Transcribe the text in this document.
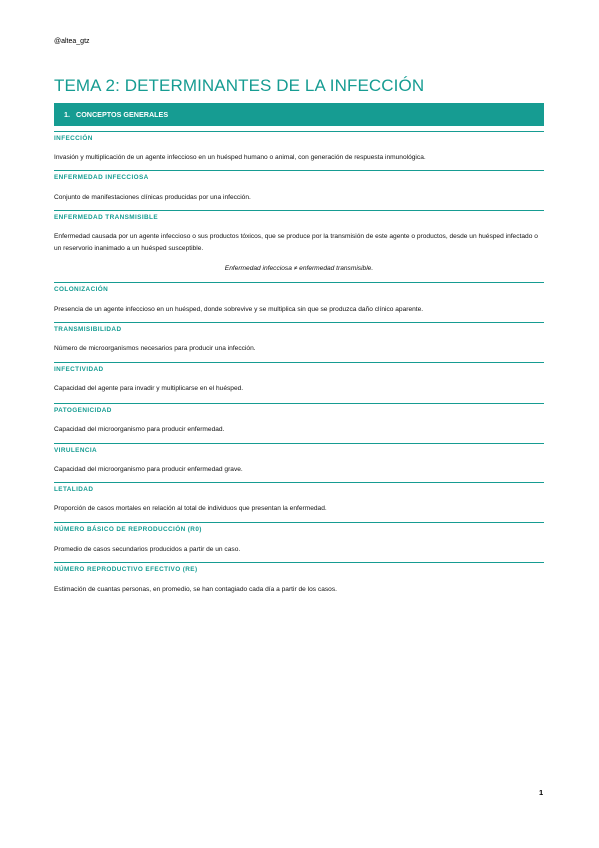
@altea_gtz
TEMA 2: DETERMINANTES DE LA INFECCIÓN
1. CONCEPTOS GENERALES
INFECCIÓN
Invasión y multiplicación de un agente infeccioso en un huésped humano o animal, con generación de respuesta inmunológica.
ENFERMEDAD INFECCIOSA
Conjunto de manifestaciones clínicas producidas por una infección.
ENFERMEDAD TRANSMISIBLE
Enfermedad causada por un agente infeccioso o sus productos tóxicos, que se produce por la transmisión de este agente o productos, desde un huésped infectado o un reservorio inanimado a un huésped susceptible.
Enfermedad infecciosa ≠ enfermedad transmisible.
COLONIZACIÓN
Presencia de un agente infeccioso en un huésped, donde sobrevive y se multiplica sin que se produzca daño clínico aparente.
TRANSMISIBILIDAD
Número de microorganismos necesarios para producir una infección.
INFECTIVIDAD
Capacidad del agente para invadir y multiplicarse en el huésped.
PATOGENICIDAD
Capacidad del microorganismo para producir enfermedad.
VIRULENCIA
Capacidad del microorganismo para producir enfermedad grave.
LETALIDAD
Proporción de casos mortales en relación al total de individuos que presentan la enfermedad.
NÚMERO BÁSICO DE REPRODUCCIÓN (R0)
Promedio de casos secundarios producidos a partir de un caso.
NÚMERO REPRODUCTIVO EFECTIVO (RE)
Estimación de cuantas personas, en promedio, se han contagiado cada día a partir de los casos.
1
